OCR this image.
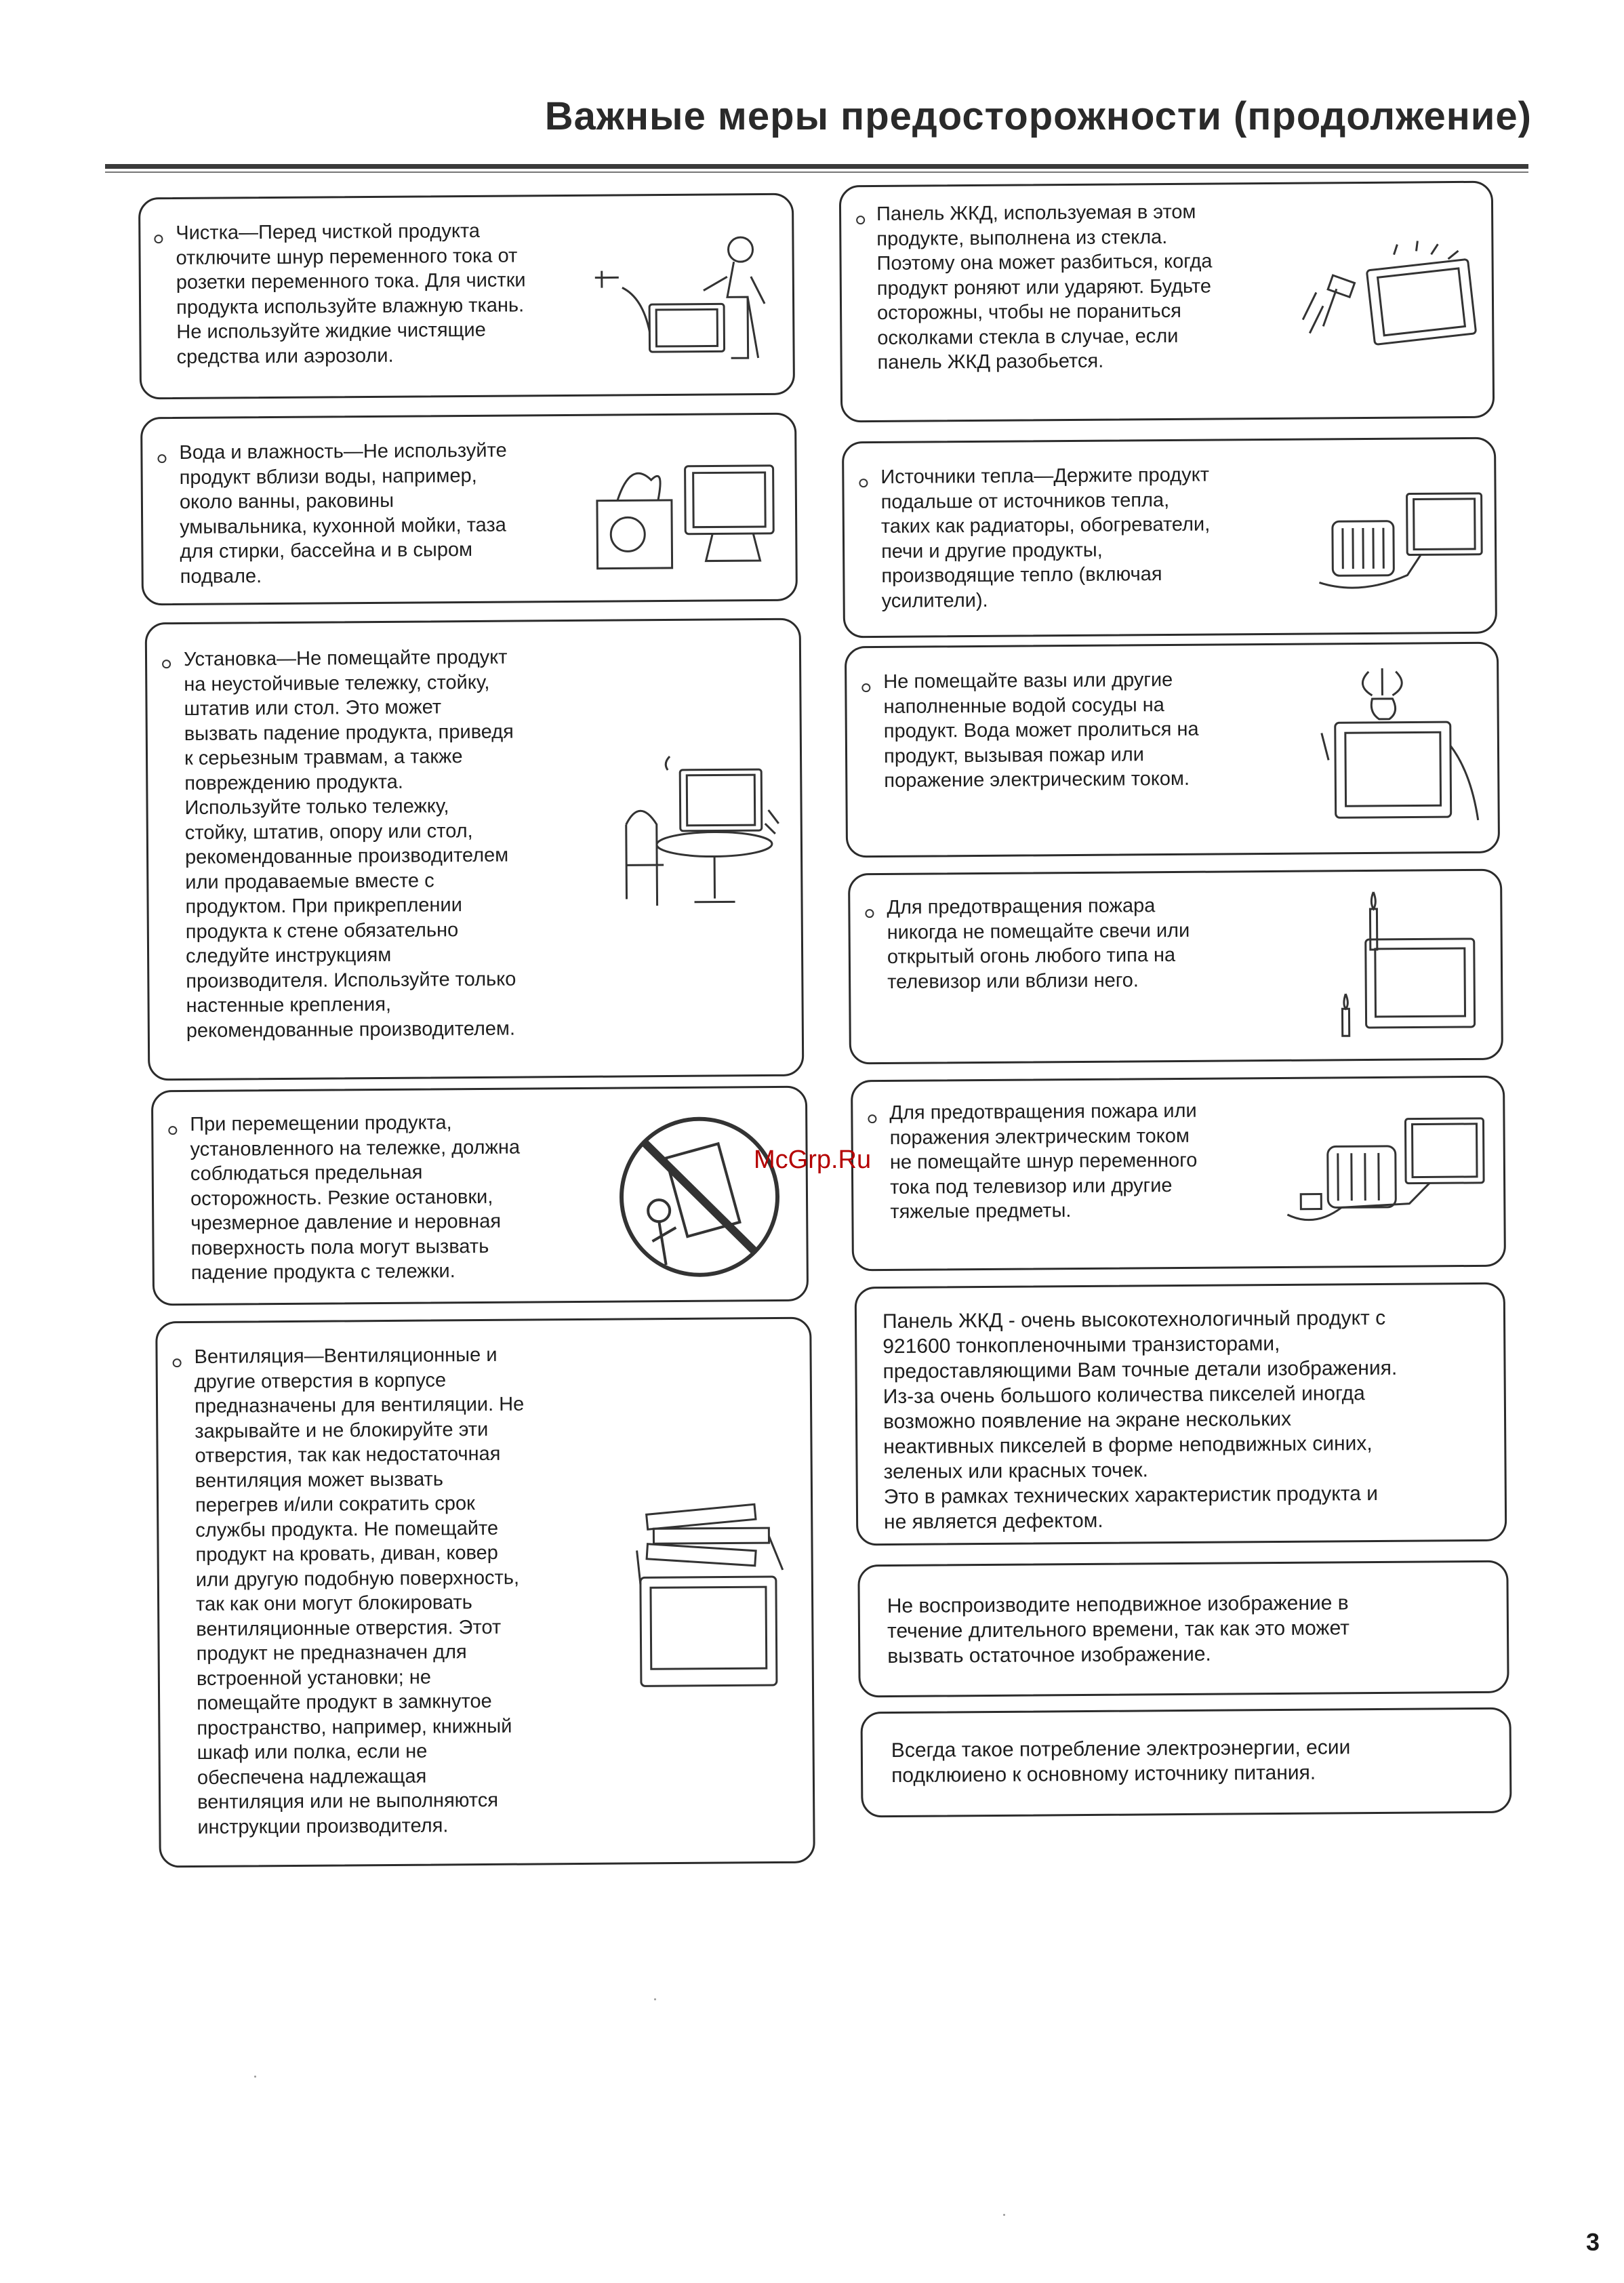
Важные меры предосторожности (продолжение)
Чистка—Перед чисткой продукта
отключите шнур переменного тока от
розетки переменного тока. Для чистки
продукта используйте влажную ткань.
Не используйте жидкие чистящие
средства или аэрозоли.
Вода и влажность—Не используйте
продукт вблизи воды, например,
около ванны, раковины
умывальника, кухонной мойки, таза
для стирки, бассейна и в сыром
подвале.
Установка—Не помещайте продукт
на неустойчивые тележку, стойку,
штатив или стол. Это может
вызвать падение продукта, приведя
к серьезным травмам, а также
повреждению продукта.
Используйте только тележку,
стойку, штатив, опору или стол,
рекомендованные производителем
или продаваемые вместе с
продуктом. При прикреплении
продукта к стене обязательно
следуйте инструкциям
производителя. Используйте только
настенные крепления,
рекомендованные производителем.
При перемещении продукта,
установленного на тележке, должна
соблюдаться предельная
осторожность. Резкие остановки,
чрезмерное давление и неровная
поверхность пола могут вызвать
падение продукта с тележки.
Вентиляция—Вентиляционные и
другие отверстия в корпусе
предназначены для вентиляции. Не
закрывайте и не блокируйте эти
отверстия, так как недостаточная
вентиляция может вызвать
перегрев и/или сократить срок
службы продукта. Не помещайте
продукт на кровать, диван, ковер
или другую подобную поверхность,
так как они могут блокировать
вентиляционные отверстия. Этот
продукт не предназначен для
встроенной установки; не
помещайте продукт в замкнутое
пространство, например, книжный
шкаф или полка, если не
обеспечена надлежащая
вентиляция или не выполняются
инструкции производителя.
Панель ЖКД, используемая в этом
продукте, выполнена из стекла.
Поэтому она может разбиться, когда
продукт роняют или ударяют. Будьте
осторожны, чтобы не пораниться
осколками стекла в случае, если
панель ЖКД разобьется.
Источники тепла—Держите продукт
подальше от источников тепла,
таких как радиаторы, обогреватели,
печи и другие продукты,
производящие тепло (включая
усилители).
Не помещайте вазы или другие
наполненные водой сосуды на
продукт. Вода может пролиться на
продукт, вызывая пожар или
поражение электрическим током.
Для предотвращения пожара
никогда не помещайте свечи или
открытый огонь любого типа на
телевизор или вблизи него.
Для предотвращения пожара или
поражения электрическим током
не помещайте шнур переменного
тока под телевизор или другие
тяжелые предметы.
Панель ЖКД - очень высокотехнологичный продукт с
921600 тонкопленочными транзисторами,
предоставляющими Вам точные детали изображения.
Из-за очень большого количества пикселей иногда
возможно появление на экране нескольких
неактивных пикселей в форме неподвижных синих,
зеленых или красных точек.
Это в рамках технических характеристик продукта и
не является дефектом.
Не воспроизводите неподвижное изображение в
течение длительного времени, так как это может
вызвать остаточное изображение.
Всегда такое потребление электроэнергии, есии
подклюиено к основному источнику питания.
McGrp.Ru
3
